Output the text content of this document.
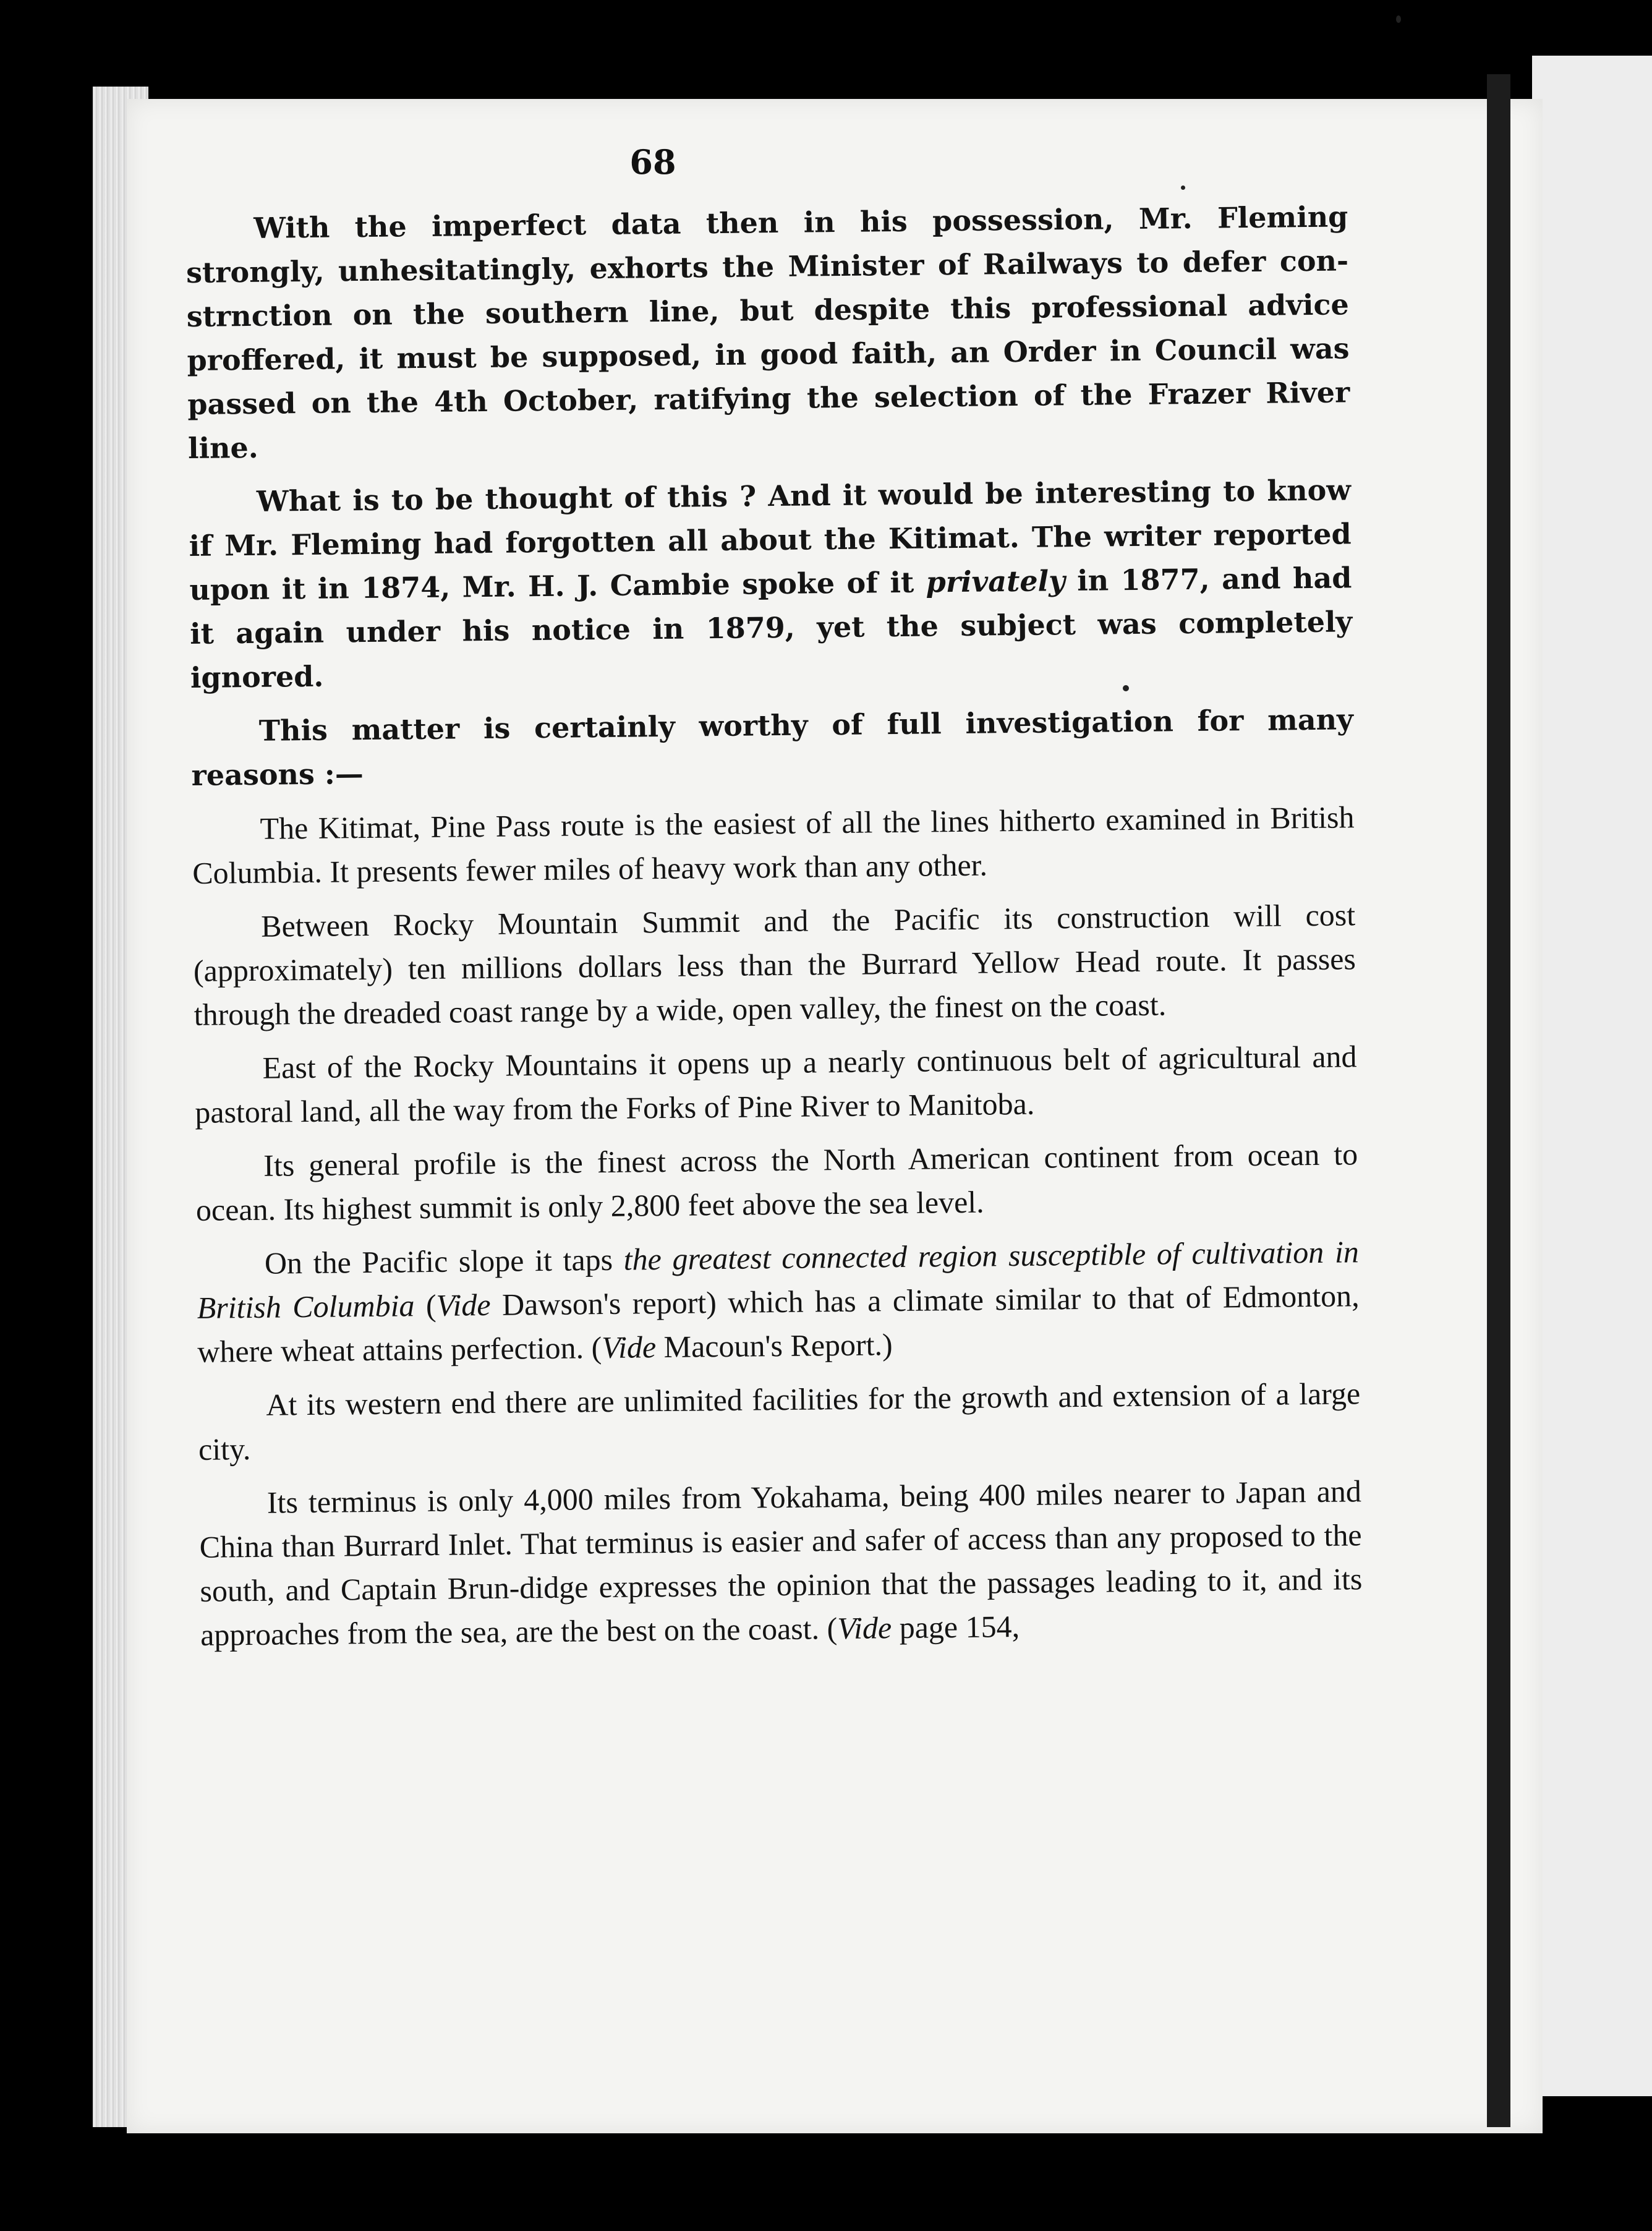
68

With the imperfect data then in his possession, Mr. Fleming strongly, unhesitatingly, exhorts the Minister of Railways to defer con-strnction on the southern line, but despite this professional advice proffered, it must be supposed, in good faith, an Order in Council was passed on the 4th October, ratifying the selection of the Frazer River line.

What is to be thought of this ? And it would be interesting to know if Mr. Fleming had forgotten all about the Kitimat. The writer reported upon it in 1874, Mr. H. J. Cambie spoke of it privately in 1877, and had it again under his notice in 1879, yet the subject was completely ignored.

This matter is certainly worthy of full investigation for many reasons :—

The Kitimat, Pine Pass route is the easiest of all the lines hitherto examined in British Columbia. It presents fewer miles of heavy work than any other.

Between Rocky Mountain Summit and the Pacific its construction will cost (approximately) ten millions dollars less than the Burrard Yellow Head route. It passes through the dreaded coast range by a wide, open valley, the finest on the coast.

East of the Rocky Mountains it opens up a nearly continuous belt of agricultural and pastoral land, all the way from the Forks of Pine River to Manitoba.

Its general profile is the finest across the North American continent from ocean to ocean. Its highest summit is only 2,800 feet above the sea level.

On the Pacific slope it taps the greatest connected region susceptible of cultivation in British Columbia (Vide Dawson's report) which has a climate similar to that of Edmonton, where wheat attains perfection. (Vide Macoun's Report.)

At its western end there are unlimited facilities for the growth and extension of a large city.

Its terminus is only 4,000 miles from Yokahama, being 400 miles nearer to Japan and China than Burrard Inlet. That terminus is easier and safer of access than any proposed to the south, and Captain Brun-didge expresses the opinion that the passages leading to it, and its approaches from the sea, are the best on the coast. (Vide page 154,
